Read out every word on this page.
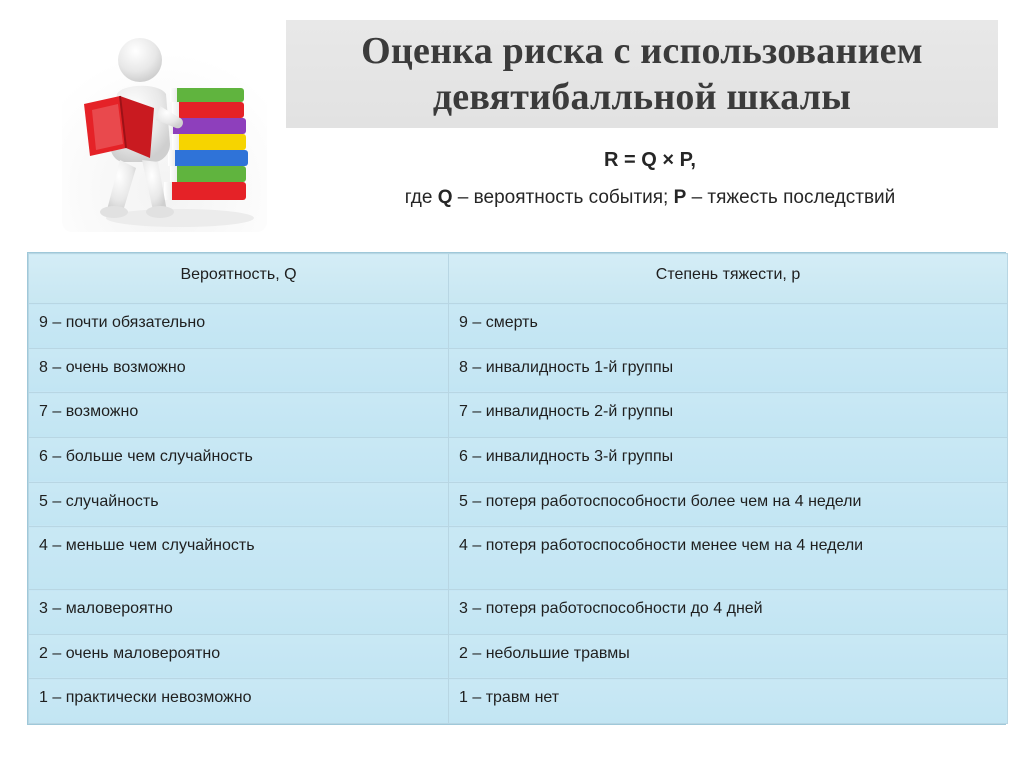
Оценка риска с использованием девятибалльной шкалы
R = Q × P,
где Q – вероятность события; P – тяжесть последствий
Вероятность, Q	Степень тяжести, р
9 – почти обязательно	9 – смерть
8 – очень возможно	8 – инвалидность 1-й группы
7 – возможно	7 – инвалидность 2-й группы
6 – больше чем случайность	6 – инвалидность 3-й группы
5 – случайность	5 – потеря работоспособности более чем на 4 недели
4 – меньше чем случайность	4 – потеря работоспособности менее чем на 4 недели
3 – маловероятно	3 – потеря работоспособности до 4 дней
2 – очень маловероятно	2 – небольшие травмы
1 – практически невозможно	1 – травм нет
